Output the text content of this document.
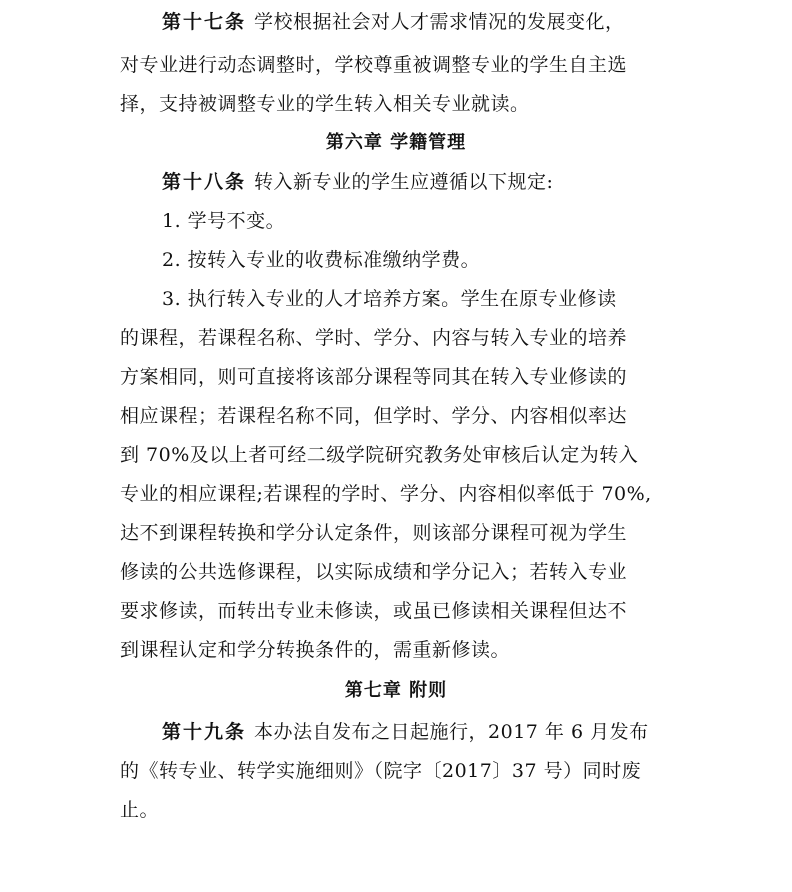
第十七条 学校根据社会对人才需求情况的发展变化，
对专业进行动态调整时，学校尊重被调整专业的学生自主选
择，支持被调整专业的学生转入相关专业就读。
第六章 学籍管理
第十八条 转入新专业的学生应遵循以下规定:
1. 学号不变。
2. 按转入专业的收费标准缴纳学费。
3. 执行转入专业的人才培养方案。学生在原专业修读
的课程，若课程名称、学时、学分、内容与转入专业的培养
方案相同，则可直接将该部分课程等同其在转入专业修读的
相应课程；若课程名称不同，但学时、学分、内容相似率达
到 70%及以上者可经二级学院研究教务处审核后认定为转入
专业的相应课程;若课程的学时、学分、内容相似率低于 70%,
达不到课程转换和学分认定条件，则该部分课程可视为学生
修读的公共选修课程，以实际成绩和学分记入；若转入专业
要求修读，而转出专业未修读，或虽已修读相关课程但达不
到课程认定和学分转换条件的，需重新修读。
第七章 附则
第十九条 本办法自发布之日起施行，2017 年 6 月发布
的《转专业、转学实施细则》（院字〔2017〕37 号）同时废
止。
